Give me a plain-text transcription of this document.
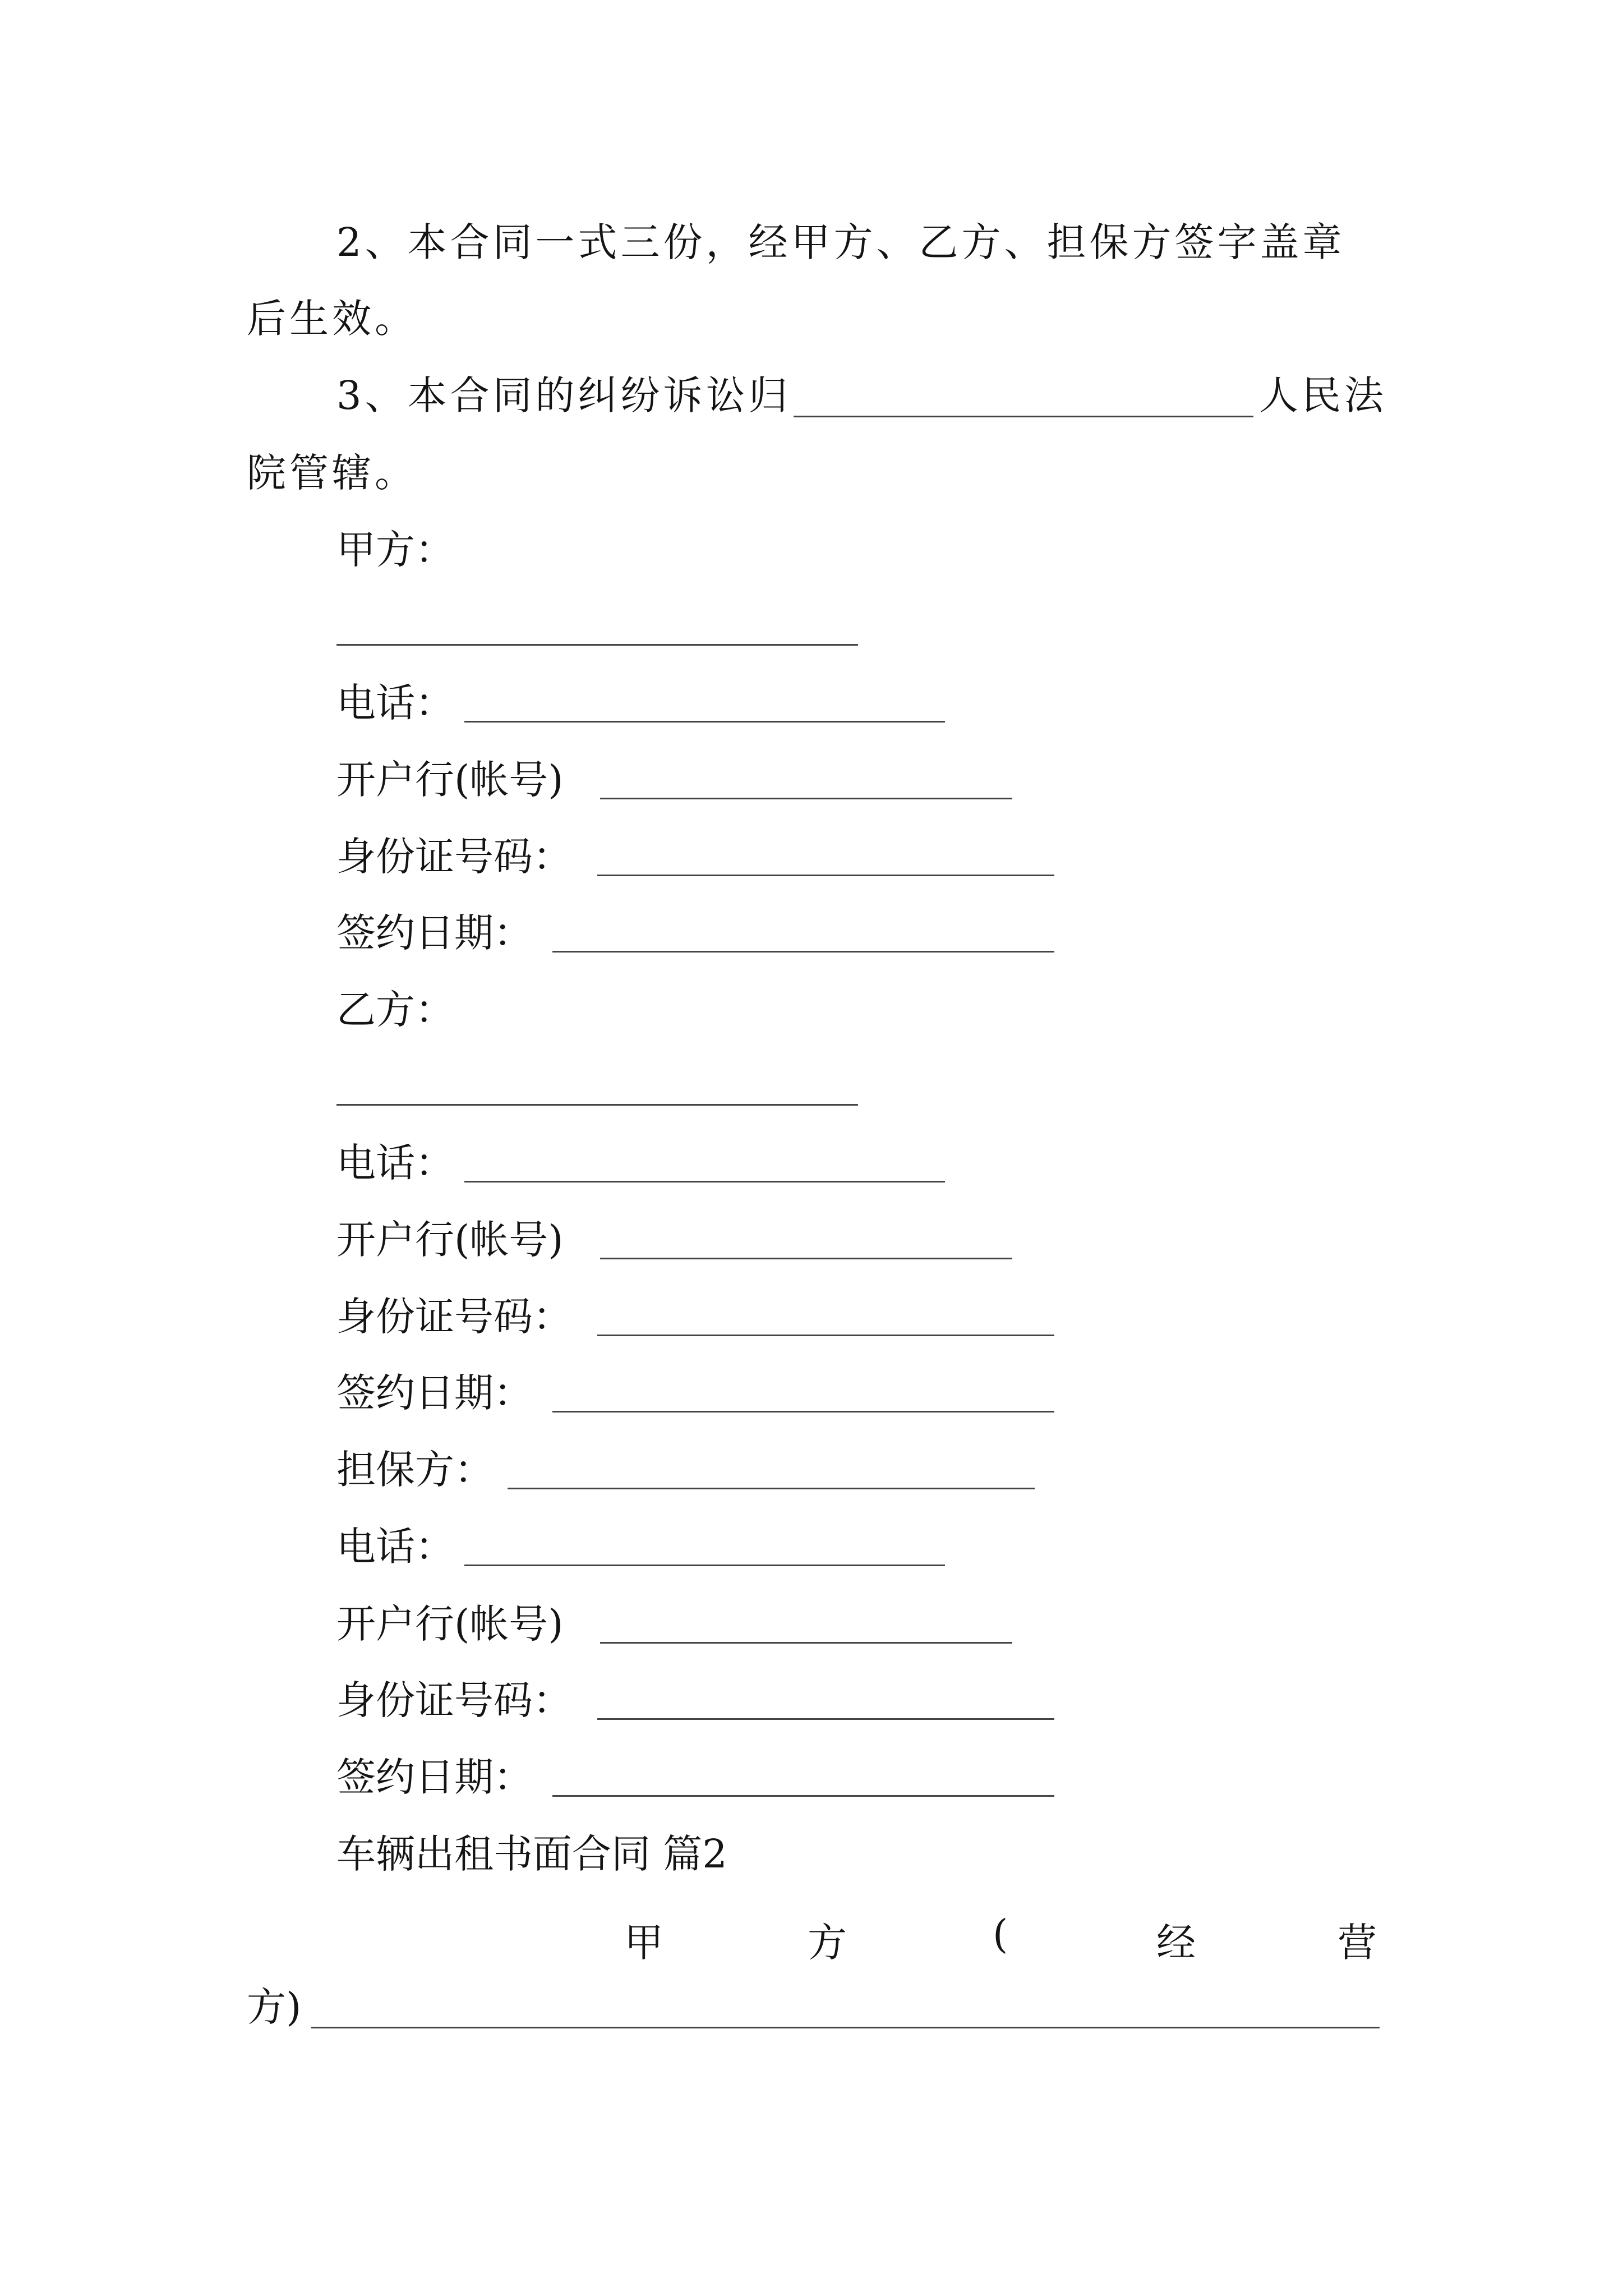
2、本合同一式三份，经甲方、乙方、担保方签字盖章
后生效。
3、本合同的纠纷诉讼归	人民法
院管辖。
甲方：
电话：
开户行(帐号)
身份证号码：
签约日期：
乙方：
电话：
开户行(帐号)
身份证号码：
签约日期：
担保方：
电话：
开户行(帐号)
身份证号码：
签约日期：
车辆出租书面合同 篇2
甲	方	(	经	营
方)
